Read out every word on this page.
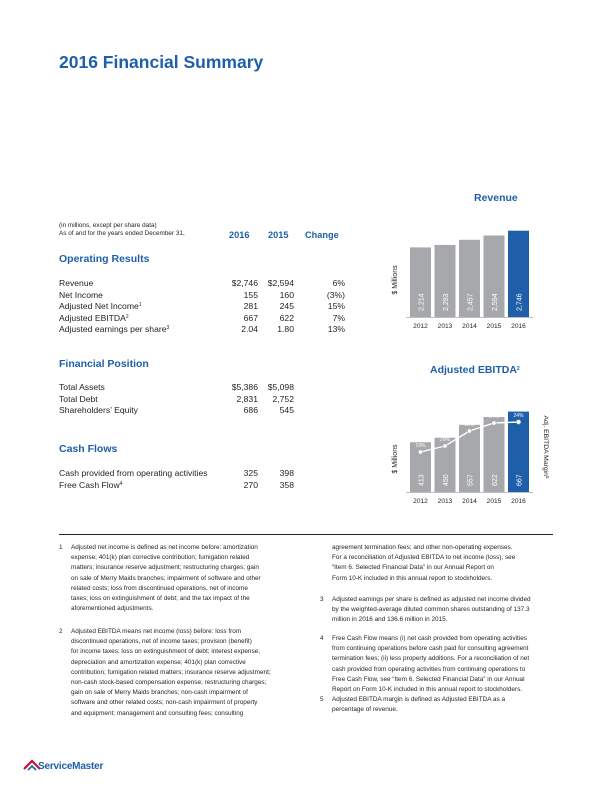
2016 Financial Summary
(in millions, except per share data)
As of and for the years ended December 31,	2016 2015 Change
Operating Results
Revenue	$2,746 $2,594	6%
Net Income	155	160	(3%)
Adjusted Net Income$^1$	281	245	15%
Adjusted EBITDA$^2$	667	622	7%
Adjusted earnings per share$^3$	2.04 1.80	13%
Financial Position
Total Assets	$5,386 $5,098
Total Debt	2,831 2,752
Shareholders’ Equity	686	545
Cash Flows
Cash provided from operating activities	325	398
Free Cash Flow$^4$	270	358
Revenue
2,214
2012
2,293
2013
2,457
2014
2,594
2015
2,746
2016
$ Millions
Adjusted EBITDA$^2$
413
2012
450
2013
557
2014
622
2015
667
2016
$ Millions	19%
20%
23%
24%	24%	Adj. EBITDA Margin$^5$
1 Adjusted net income is defined as net income before: amortization
expense; 401(k) plan corrective contribution; fumigation related
matters; insurance reserve adjustment; restructuring charges; gain
on sale of Merry Maids branches; impairment of software and other
related costs; loss from discontinued operations, net of income
taxes; loss on extinguishment of debt; and the tax impact of the
aforementioned adjustments.
2 Adjusted EBITDA means net income (loss) before: loss from
discontinued operations, net of income taxes; provision (benefit)
for income taxes; loss on extinguishment of debt; interest expense;
depreciation and amortization expense; 401(k) plan corrective
contribution; fumigation related matters; insurance reserve adjustment;
non-cash stock-based compensation expense; restructuring charges;
gain on sale of Merry Maids branches; non-cash impairment of
software and other related costs; non-cash impairment of property
and equipment; management and consulting fees; consulting
agreement termination fees; and other non-operating expenses.
For a reconciliation of Adjusted EBITDA to net income (loss), see
“Item 6. Selected Financial Data” in our Annual Report on
Form 10-K included in this annual report to stockholders.
3 Adjusted earnings per share is defined as adjusted net income divided
by the weighted-average diluted common shares outstanding of 137.3
million in 2016 and 136.6 million in 2015.
4 Free Cash Flow means (i) net cash provided from operating activities
from continuing operations before cash paid for consulting agreement
termination fees; (ii) less property additions. For a reconciliation of net
cash provided from operating activities from continuing operations to
Free Cash Flow, see “Item 6. Selected Financial Data” in our Annual
Report on Form 10-K included in this annual report to stockholders.
5 Adjusted EBITDA margin is defined as Adjusted EBITDA as a
percentage of revenue.
ServiceMaster
